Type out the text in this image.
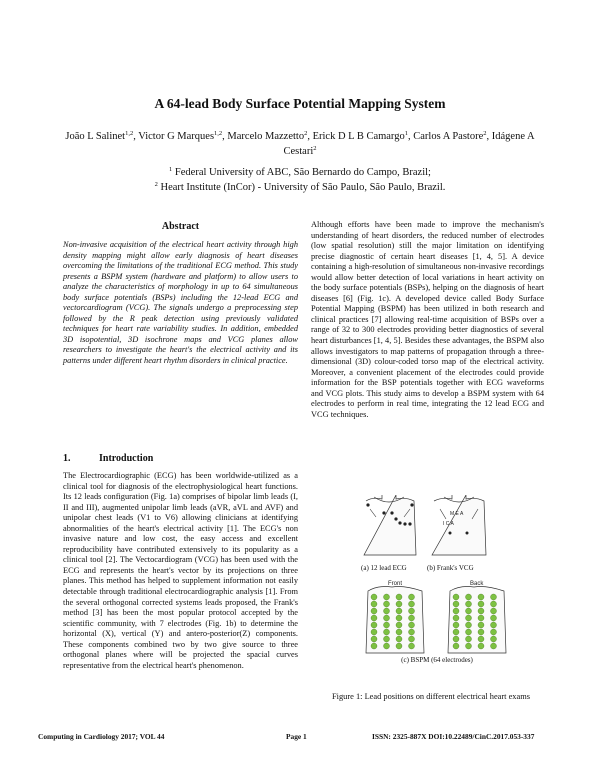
A 64-lead Body Surface Potential Mapping System
João L Salinet$^{1,2}$, Victor G Marques$^{1,2}$, Marcelo Mazzetto$^2$, Erick D L B Camargo$^1$, Carlos A Pastore$^2$, Idágene A Cestari$^2$
$^1$ Federal University of ABC, São Bernardo do Campo, Brazil;
$^2$ Heart Institute (InCor) - University of São Paulo, São Paulo, Brazil.
Abstract
Non-invasive acquisition of the electrical heart activity through high density mapping might allow early diagnosis of heart diseases overcoming the limitations of the traditional ECG method. This study presents a BSPM system (hardware and platform) to allow users to analyze the characteristics of morphology in up to 64 simultaneous body surface potentials (BSPs) including the 12-lead ECG and vectorcardiogram (VCG). The signals undergo a preprocessing step followed by the R peak detection using previously validated techniques for heart rate variability studies. In addition, embedded 3D isopotential, 3D isochrone maps and VCG planes allow researchers to investigate the heart's the electrical activity and its patterns under different heart rhythm disorders in clinical practice.
1.	Introduction
The Electrocardiographic (ECG) has been worldwide-utilized as a clinical tool for diagnosis of the electrophysiological heart functions. Its 12 leads configuration (Fig. 1a) comprises of bipolar limb leads (I, II and III), augmented unipolar limb leads (aVR, aVL and AVF) and unipolar chest leads (V1 to V6) allowing clinicians at identifying abnormalities of the heart's electrical activity [1]. The ECG's non invasive nature and low cost, the easy access and excellent reproducibility have contributed extensively to its popularity as a clinical tool [2]. The Vectocardiogram (VCG) has been used with the ECG and represents the heart's vector by its projections on three planes. This method has helped to supplement information not easily detectable through traditional electrocardiographic analysis [1]. From the several orthogonal corrected systems leads proposed, the Frank's method [3] has been the most popular protocol accepted by the scientific community, with 7 electrodes (Fig. 1b) to determine the horizontal (X), vertical (Y) and antero-posterior(Z) components. These components combined two by two give source to three orthogonal planes where will be projected the spacial curves representative from the electrical heart's phenomenon.
Although efforts have been made to improve the mechanism's understanding of heart disorders, the reduced number of electrodes (low spatial resolution) still the major limitation on identifying precise diagnostic of certain heart diseases [1, 4, 5]. A device containing a high-resolution of simultaneous non-invasive recordings would allow better detection of local variations in heart activity on the body surface potentials (BSPs), helping on the diagnosis of heart diseases [6] (Fig. 1c). A developed device called Body Surface Potential Mapping (BSPM) has been utilized in both research and clinical practices [7] allowing real-time acquisition of BSPs over a range of 32 to 300 electrodes providing better diagnostics of several heart disturbances [1, 4, 5]. Besides these advantages, the BSPM also allows investigators to map patterns of propagation through a three-dimensional (3D) colour-coded torso map of the electrical activity. Moreover, a convenient placement of the electrodes could provide information for the BSP potentials together with ECG waveforms and VCG plots. This study aims to develop a BSPM system with 64 electrodes to perform in real time, integrating the 12 lead ECG and VCG techniques.
M E A
I C A
Front	Back
(a) 12 lead ECG	(b) Frank's VCG
(c) BSPM (64 electrodes)
Figure 1: Lead positions on different electrical heart exams
Computing in Cardiology 2017; VOL 44	Page 1	ISSN: 2325-887X DOI:10.22489/CinC.2017.053-337
